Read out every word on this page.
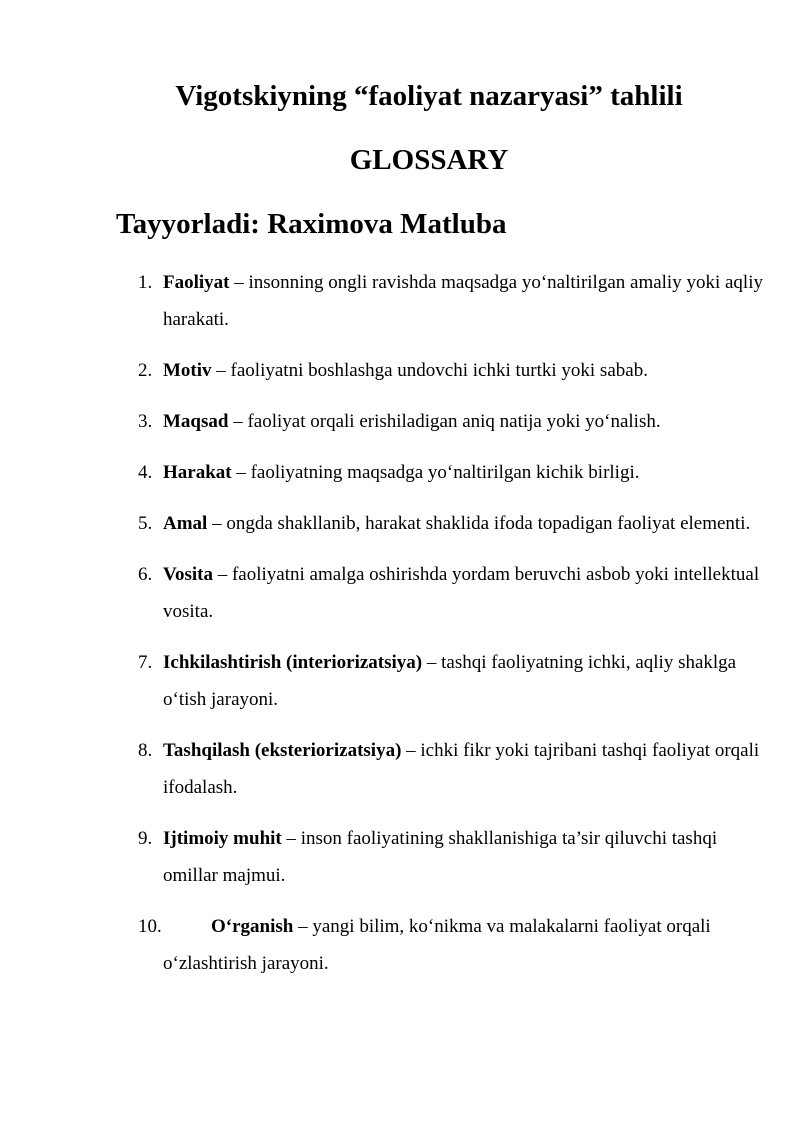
Vigotskiyning “faoliyat nazaryasi” tahlili
GLOSSARY
Tayyorladi: Raximova Matluba
1. Faoliyat – insonning ongli ravishda maqsadga yo‘naltirilgan amaliy yoki aqliy harakati.
2. Motiv – faoliyatni boshlashga undovchi ichki turtki yoki sabab.
3. Maqsad – faoliyat orqali erishiladigan aniq natija yoki yo‘nalish.
4. Harakat – faoliyatning maqsadga yo‘naltirilgan kichik birligi.
5. Amal – ongda shakllanib, harakat shaklida ifoda topadigan faoliyat elementi.
6. Vosita – faoliyatni amalga oshirishda yordam beruvchi asbob yoki intellektual vosita.
7. Ichkilashtirish (interiorizatsiya) – tashqi faoliyatning ichki, aqliy shaklga o‘tish jarayoni.
8. Tashqilash (eksteriorizatsiya) – ichki fikr yoki tajribani tashqi faoliyat orqali ifodalash.
9. Ijtimoiy muhit – inson faoliyatining shakllanishiga ta’sir qiluvchi tashqi omillar majmui.
10.	O‘rganish – yangi bilim, ko‘nikma va malakalarni faoliyat orqali o‘zlashtirish jarayoni.
